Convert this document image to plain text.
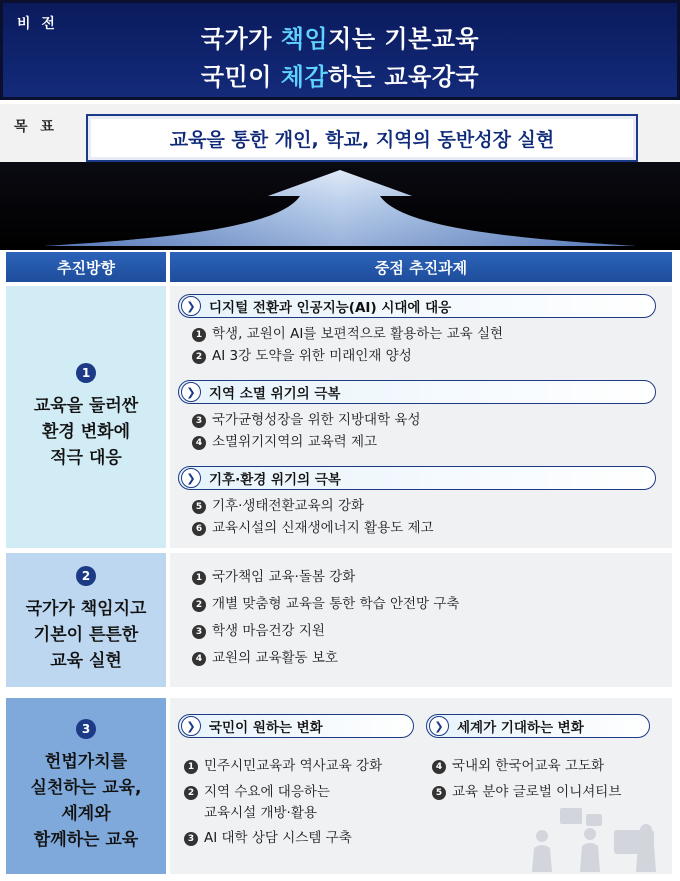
비 전
국가가 책임지는 기본교육
국민이 체감하는 교육강국
목 표
교육을 통한 개인, 학교, 지역의 동반성장 실현
추진방향	중점 추진과제
1
교육을 둘러싼
환경 변화에
적극 대응
❯ 디지털 전환과 인공지능(AI) 시대에 대응
1 학생, 교원이 AI를 보편적으로 활용하는 교육 실현
2 AI 3강 도약을 위한 미래인재 양성
❯ 지역 소멸 위기의 극복
3 국가균형성장을 위한 지방대학 육성
4 소멸위기지역의 교육력 제고
❯ 기후·환경 위기의 극복
5 기후·생태전환교육의 강화
6 교육시설의 신재생에너지 활용도 제고
2
국가가 책임지고
기본이 튼튼한
교육 실현
1 국가책임 교육·돌봄 강화
2 개별 맞춤형 교육을 통한 학습 안전망 구축
3 학생 마음건강 지원
4 교원의 교육활동 보호
3
헌법가치를
실천하는 교육,
세계와
함께하는 교육
❯ 국민이 원하는 변화
1 민주시민교육과 역사교육 강화
2 지역 수요에 대응하는
교육시설 개방·활용
3 AI 대학 상담 시스템 구축
❯ 세계가 기대하는 변화
4 국내외 한국어교육 고도화
5 교육 분야 글로벌 이니셔티브
